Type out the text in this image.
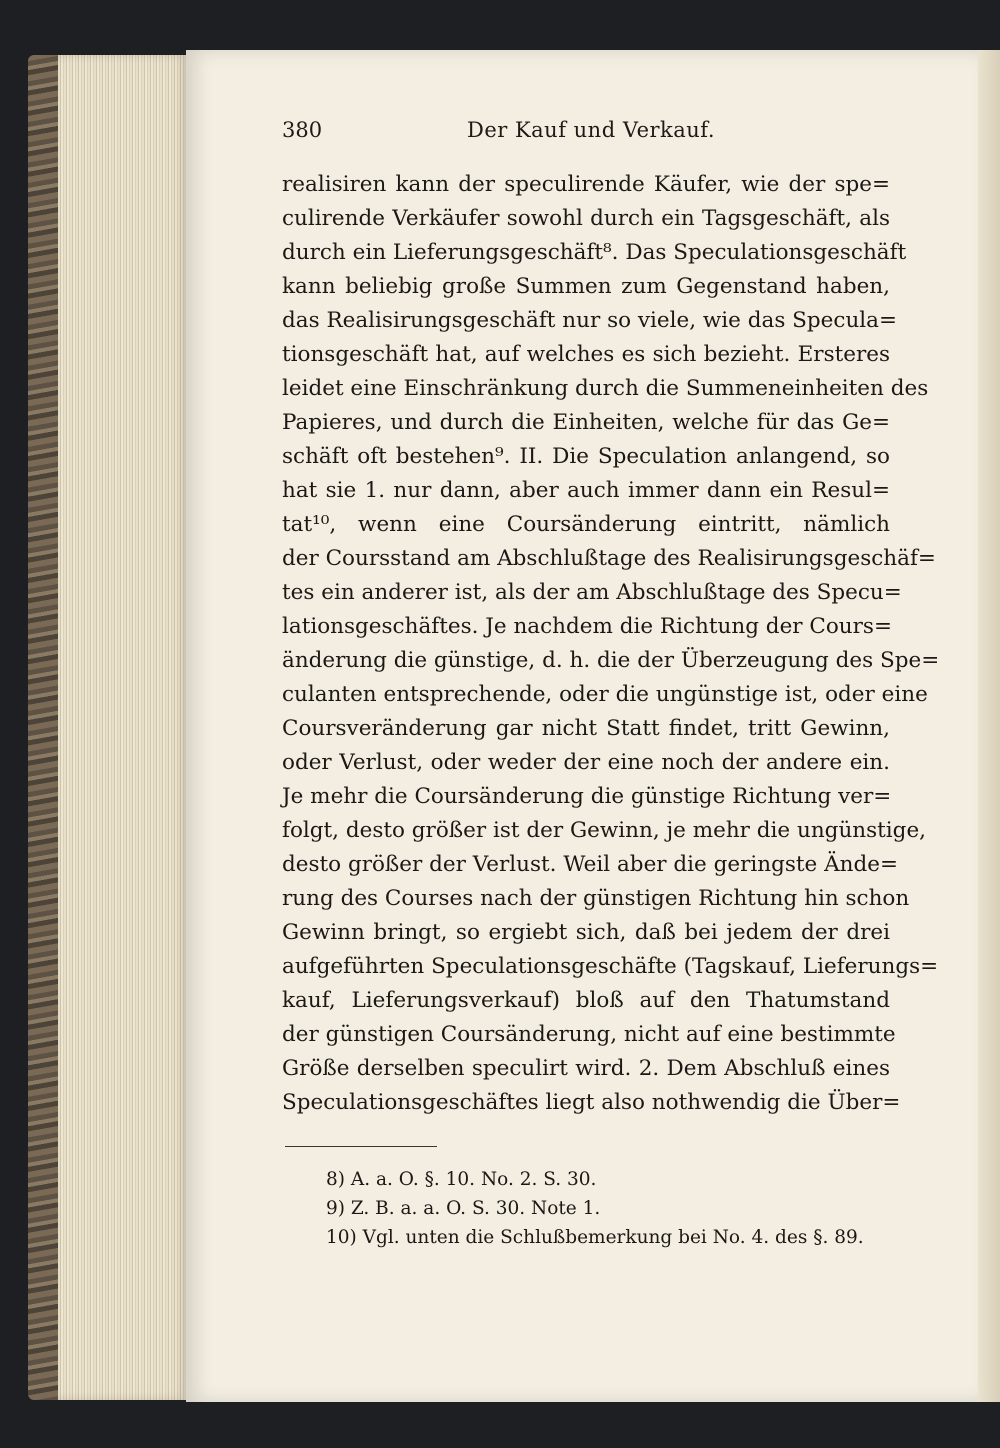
380	Der Kauf und Verkauf.
realisiren kann der speculirende Käufer, wie der spe=
culirende Verkäufer sowohl durch ein Tagsgeschäft, als
durch ein Lieferungsgeschäft⁸. Das Speculationsgeschäft
kann beliebig große Summen zum Gegenstand haben,
das Realisirungsgeschäft nur so viele, wie das Specula=
tionsgeschäft hat, auf welches es sich bezieht. Ersteres
leidet eine Einschränkung durch die Summeneinheiten des
Papieres, und durch die Einheiten, welche für das Ge=
schäft oft bestehen⁹. II. Die Speculation anlangend, so
hat sie 1. nur dann, aber auch immer dann ein Resul=
tat¹⁰, wenn eine Coursänderung eintritt, nämlich
der Coursstand am Abschlußtage des Realisirungsgeschäf=
tes ein anderer ist, als der am Abschlußtage des Specu=
lationsgeschäftes. Je nachdem die Richtung der Cours=
änderung die günstige, d. h. die der Überzeugung des Spe=
culanten entsprechende, oder die ungünstige ist, oder eine
Coursveränderung gar nicht Statt findet, tritt Gewinn,
oder Verlust, oder weder der eine noch der andere ein.
Je mehr die Coursänderung die günstige Richtung ver=
folgt, desto größer ist der Gewinn, je mehr die ungünstige,
desto größer der Verlust. Weil aber die geringste Ände=
rung des Courses nach der günstigen Richtung hin schon
Gewinn bringt, so ergiebt sich, daß bei jedem der drei
aufgeführten Speculationsgeschäfte (Tagskauf, Lieferungs=
kauf, Lieferungsverkauf) bloß auf den Thatumstand
der günstigen Coursänderung, nicht auf eine bestimmte
Größe derselben speculirt wird. 2. Dem Abschluß eines
Speculationsgeschäftes liegt also nothwendig die Über=
8) A. a. O. §. 10. No. 2. S. 30.
9) Z. B. a. a. O. S. 30. Note 1.
10) Vgl. unten die Schlußbemerkung bei No. 4. des §. 89.
